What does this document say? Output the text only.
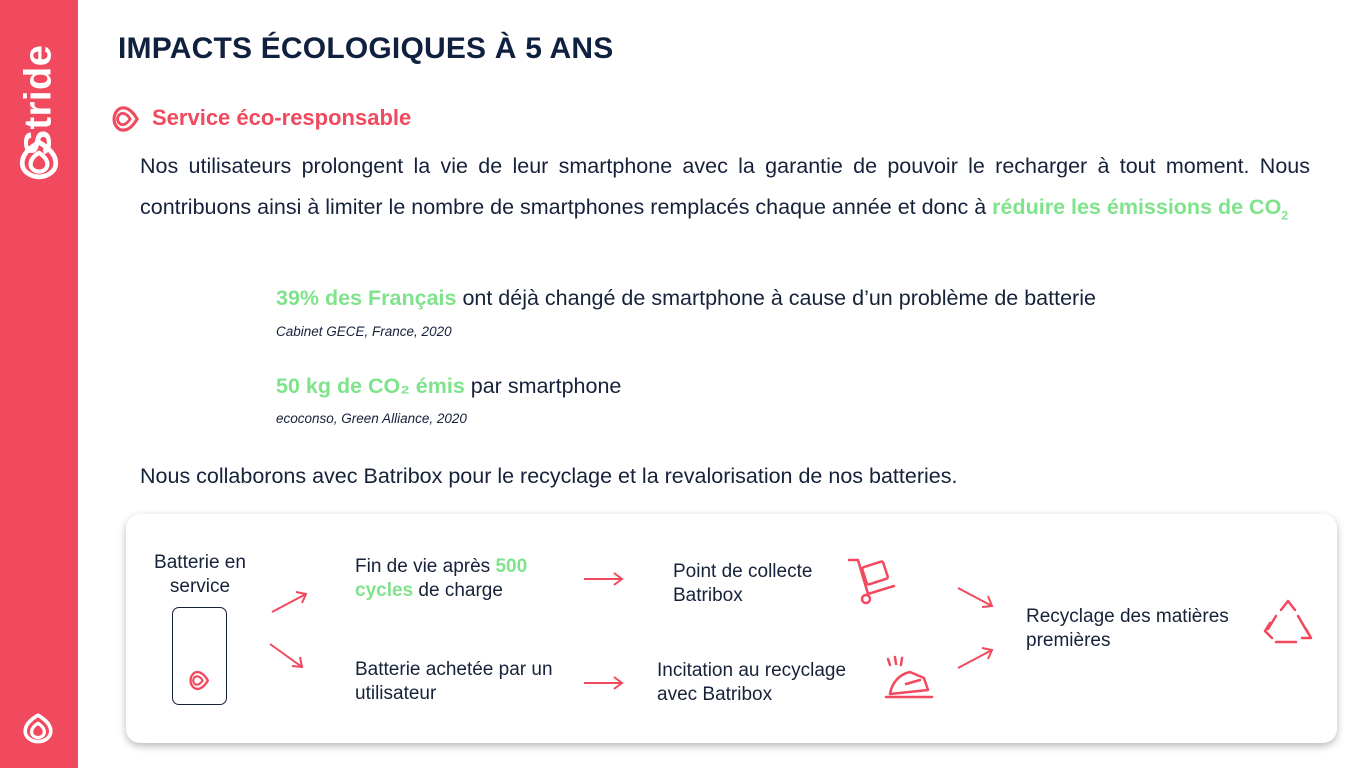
Stride IMPACTS ÉCOLOGIQUES À 5 ANS
Service éco-responsable
Nos utilisateurs prolongent la vie de leur smartphone avec la garantie de pouvoir le recharger à tout moment. Nous contribuons ainsi à limiter le nombre de smartphones remplacés chaque année et donc à réduire les émissions de $CO_2$
39% des Français ont déjà changé de smartphone à cause d’un problème de batterie
Cabinet GECE, France, 2020
50 kg de CO₂ émis par smartphone
ecoconso, Green Alliance, 2020
Nous collaborons avec Batribox pour le recyclage et la revalorisation de nos batteries.
Batterie en service
Fin de vie après 500 cycles de charge
Batterie achetée par un utilisateur
Point de collecte Batribox
Incitation au recyclage avec Batribox
Recyclage des matières premières
